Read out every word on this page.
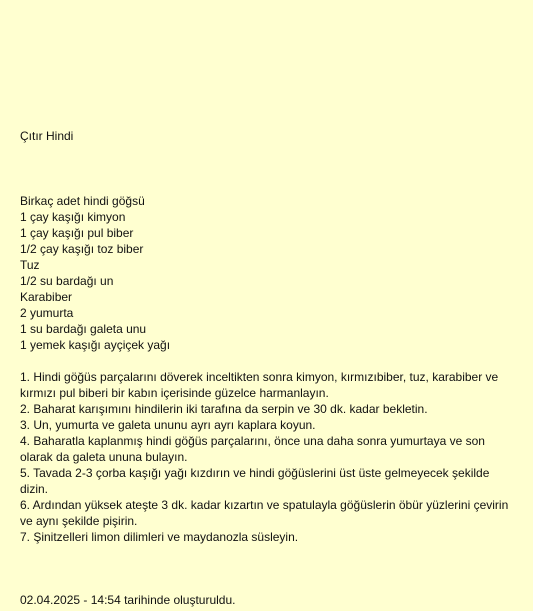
Çıtır Hindi
Birkaç adet hindi göğsü
1 çay kaşığı kimyon
1 çay kaşığı pul biber
1/2 çay kaşığı toz biber
Tuz
1/2 su bardağı un
Karabiber
2 yumurta
1 su bardağı galeta unu
1 yemek kaşığı ayçiçek yağı
1. Hindi göğüs parçalarını döverek inceltikten sonra kimyon, kırmızıbiber, tuz, karabiber ve kırmızı pul biberi bir kabın içerisinde güzelce harmanlayın.
2. Baharat karışımını hindilerin iki tarafına da serpin ve 30 dk. kadar bekletin.
3. Un, yumurta ve galeta ununu ayrı ayrı kaplara koyun.
4. Baharatla kaplanmış hindi göğüs parçalarını, önce una daha sonra yumurtaya ve son olarak da galeta ununa bulayın.
5. Tavada 2-3 çorba kaşığı yağı kızdırın ve hindi göğüslerini üst üste gelmeyecek şekilde dizin.
6. Ardından yüksek ateşte 3 dk. kadar kızartın ve spatulayla göğüslerin öbür yüzlerini çevirin ve aynı şekilde pişirin.
7. Şinitzelleri limon dilimleri ve maydanozla süsleyin.
02.04.2025 - 14:54 tarihinde oluşturuldu.
